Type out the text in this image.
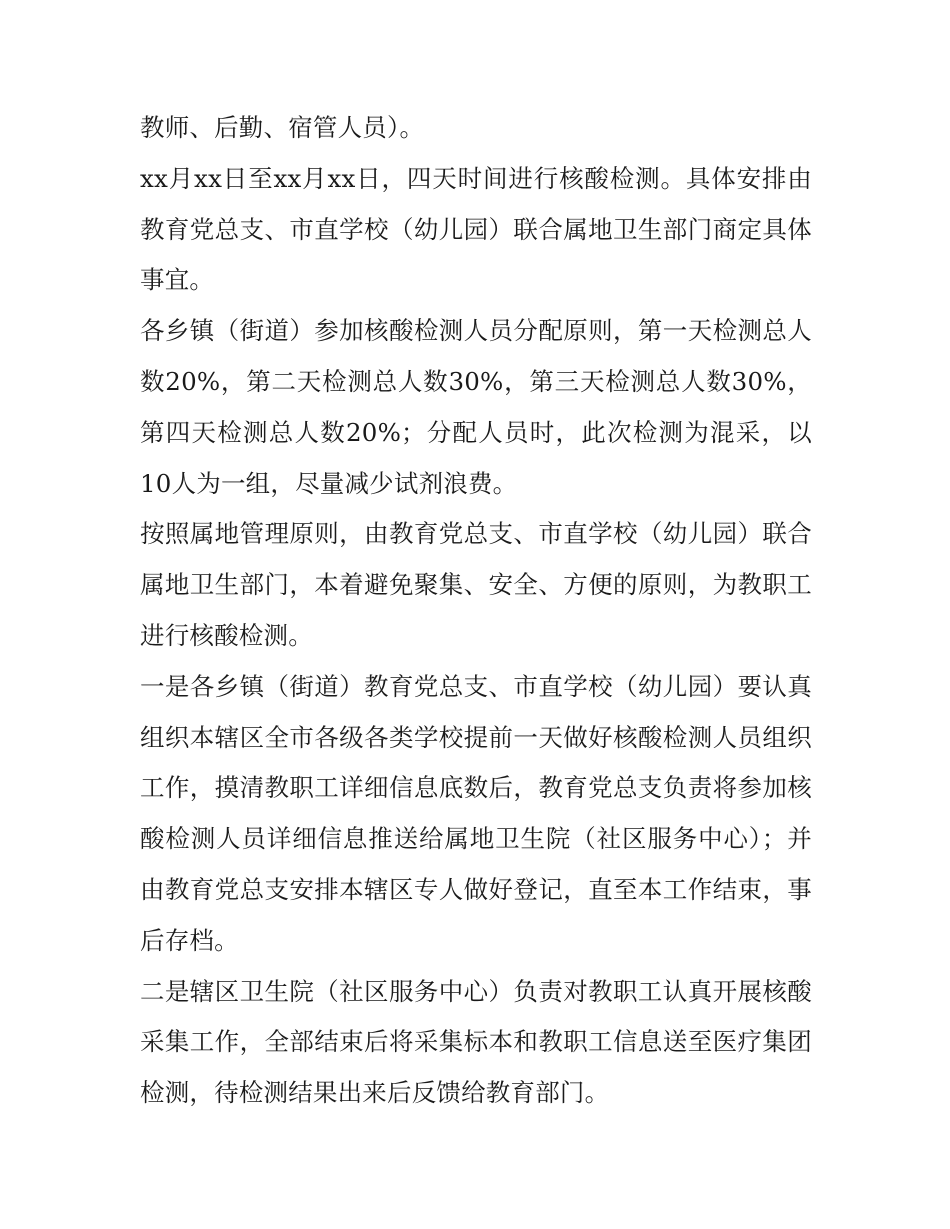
教师、后勤、宿管人员）。

xx月xx日至xx月xx日，四天时间进行核酸检测。具体安排由教育党总支、市直学校（幼儿园）联合属地卫生部门商定具体事宜。

各乡镇（街道）参加核酸检测人员分配原则，第一天检测总人数20%，第二天检测总人数30%，第三天检测总人数30%，第四天检测总人数20%；分配人员时，此次检测为混采，以10人为一组，尽量减少试剂浪费。

按照属地管理原则，由教育党总支、市直学校（幼儿园）联合属地卫生部门，本着避免聚集、安全、方便的原则，为教职工进行核酸检测。

一是各乡镇（街道）教育党总支、市直学校（幼儿园）要认真组织本辖区全市各级各类学校提前一天做好核酸检测人员组织工作，摸清教职工详细信息底数后，教育党总支负责将参加核酸检测人员详细信息推送给属地卫生院（社区服务中心）；并由教育党总支安排本辖区专人做好登记，直至本工作结束，事后存档。

二是辖区卫生院（社区服务中心）负责对教职工认真开展核酸采集工作，全部结束后将采集标本和教职工信息送至医疗集团检测，待检测结果出来后反馈给教育部门。
